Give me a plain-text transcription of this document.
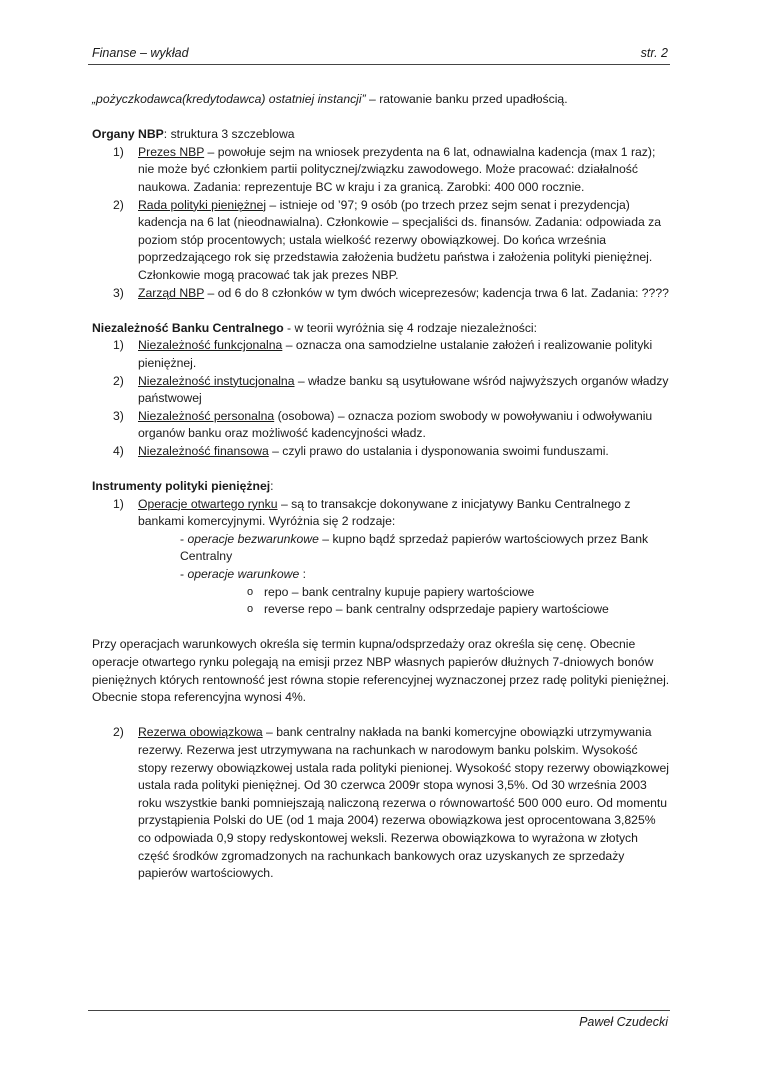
Finanse – wykład	str. 2

„pożyczkodawca(kredytodawca) ostatniej instancji” – ratowanie banku przed upadłością.

Organy NBP: struktura 3 szczeblowa

1) Prezes NBP – powołuje sejm na wniosek prezydenta na 6 lat, odnawialna kadencja (max 1 raz); nie może być członkiem partii politycznej/związku zawodowego. Może pracować: działalność naukowa. Zadania: reprezentuje BC w kraju i za granicą. Zarobki: 400 000 rocznie.
2) Rada polityki pieniężnej – istnieje od ’97; 9 osób (po trzech przez sejm senat i prezydencja) kadencja na 6 lat (nieodnawialna). Członkowie – specjaliści ds. finansów. Zadania: odpowiada za poziom stóp procentowych; ustala wielkość rezerwy obowiązkowej. Do końca września poprzedzającego rok się przedstawia założenia budżetu państwa i założenia polityki pieniężnej. Członkowie mogą pracować tak jak prezes NBP.
3) Zarząd NBP – od 6 do 8 członków w tym dwóch wiceprezesów; kadencja trwa 6 lat. Zadania: ????

Niezależność Banku Centralnego - w teorii wyróżnia się 4 rodzaje niezależności:

1) Niezależność funkcjonalna – oznacza ona samodzielne ustalanie założeń i realizowanie polityki pieniężnej.
2) Niezależność instytucjonalna – władze banku są usytułowane wśród najwyższych organów władzy państwowej
3) Niezależność personalna (osobowa) – oznacza poziom swobody w powoływaniu i odwoływaniu organów banku oraz możliwość kadencyjności władz.
4) Niezależność finansowa – czyli prawo do ustalania i dysponowania swoimi funduszami.

Instrumenty polityki pieniężnej:

1) Operacje otwartego rynku – są to transakcje dokonywane z inicjatywy Banku Centralnego z bankami komercyjnymi. Wyróżnia się 2 rodzaje:

- operacje bezwarunkowe – kupno bądź sprzedaż papierów wartościowych przez Bank Centralny

- operacje warunkowe :

o repo – bank centralny kupuje papiery wartościowe

o reverse repo – bank centralny odsprzedaje papiery wartościowe

Przy operacjach warunkowych określa się termin kupna/odsprzedaży oraz określa się cenę. Obecnie operacje otwartego rynku polegają na emisji przez NBP własnych papierów dłużnych 7-dniowych bonów pieniężnych których rentowność jest równa stopie referencyjnej wyznaczonej przez radę polityki pieniężnej. Obecnie stopa referencyjna wynosi 4%.

2) Rezerwa obowiązkowa – bank centralny nakłada na banki komercyjne obowiązki utrzymywania rezerwy. Rezerwa jest utrzymywana na rachunkach w narodowym banku polskim. Wysokość stopy rezerwy obowiązkowej ustala rada polityki pienionej. Wysokość stopy rezerwy obowiązkowej ustala rada polityki pieniężnej. Od 30 czerwca 2009r stopa wynosi 3,5%. Od 30 września 2003 roku wszystkie banki pomniejszają naliczoną rezerwa o równowartość 500 000 euro. Od momentu przystąpienia Polski do UE (od 1 maja 2004) rezerwa obowiązkowa jest oprocentowana 3,825% co odpowiada 0,9 stopy redyskontowej weksli. Rezerwa obowiązkowa to wyrażona w złotych część środków zgromadzonych na rachunkach bankowych oraz uzyskanych ze sprzedaży papierów wartościowych.
Paweł Czudecki
